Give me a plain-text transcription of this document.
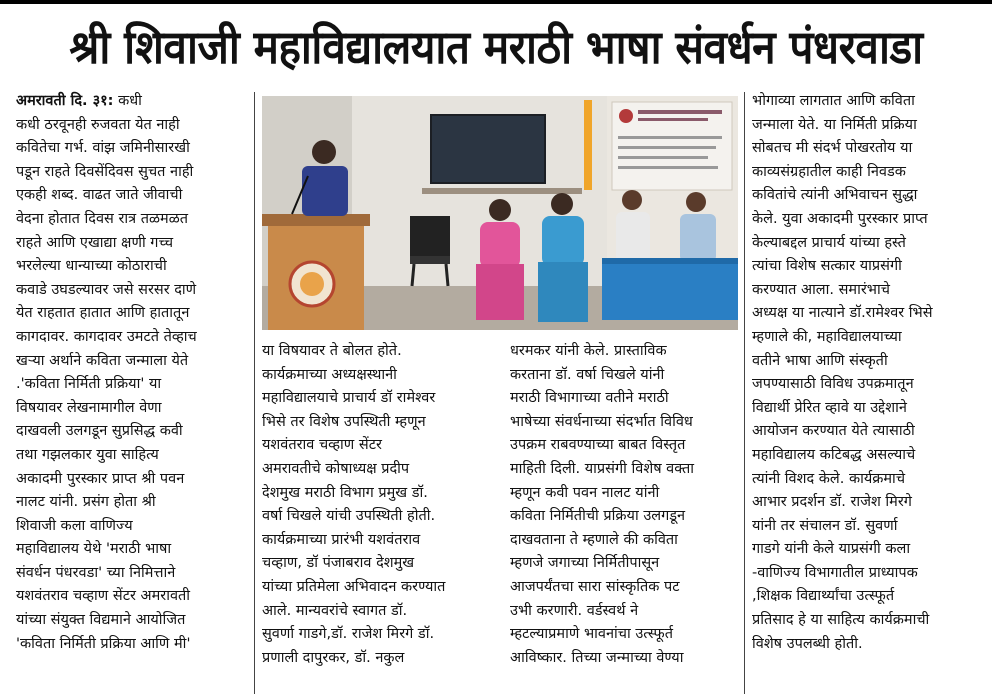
श्री शिवाजी महाविद्यालयात मराठी भाषा संवर्धन पंधरवाडा
अमरावती दि. ३१: कधी
कधी ठरवूनही रुजवता येत नाही
कवितेचा गर्भ. वांझ जमिनीसारखी
पडून राहते दिवसेंदिवस सुचत नाही
एकही शब्द. वाढत जाते जीवाची
वेदना होतात दिवस रात्र तळमळत
राहते आणि एखाद्या क्षणी गच्च
भरलेल्या धान्याच्या कोठाराची
कवाडे उघडल्यावर जसे सरसर दाणे
येत राहतात हातात आणि हातातून
कागदावर. कागदावर उमटते तेव्हाच
खऱ्या अर्थाने कविता जन्माला येते
.'कविता निर्मिती प्रक्रिया' या
विषयावर लेखनामागील वेणा
दाखवली उलगडून सुप्रसिद्ध कवी
तथा गझलकार युवा साहित्य
अकादमी पुरस्कार प्राप्त श्री पवन
नालट यांनी. प्रसंग होता श्री
शिवाजी कला वाणिज्य
महाविद्यालय येथे 'मराठी भाषा
संवर्धन पंधरवडा' च्या निमित्ताने
यशवंतराव चव्हाण सेंटर अमरावती
यांच्या संयुक्त विद्यमाने आयोजित
'कविता निर्मिती प्रक्रिया आणि मी'
या विषयावर ते बोलत होते.
कार्यक्रमाच्या अध्यक्षस्थानी
महाविद्यालयाचे प्राचार्य डॉ रामेश्वर
भिसे तर विशेष उपस्थिती म्हणून
यशवंतराव चव्हाण सेंटर
अमरावतीचे कोषाध्यक्ष प्रदीप
देशमुख मराठी विभाग प्रमुख डॉ.
वर्षा चिखले यांची उपस्थिती होती.
कार्यक्रमाच्या प्रारंभी यशवंतराव
चव्हाण, डॉ पंजाबराव देशमुख
यांच्या प्रतिमेला अभिवादन करण्यात
आले. मान्यवरांचे स्वागत डॉ.
सुवर्णा गाडगे,डॉ. राजेश मिरगे डॉ.
प्रणाली दापुरकर, डॉ. नकुल
धरमकर यांनी केले. प्रास्ताविक
करताना डॉ. वर्षा चिखले यांनी
मराठी विभागाच्या वतीने मराठी
भाषेच्या संवर्धनाच्या संदर्भात विविध
उपक्रम राबवण्याच्या बाबत विस्तृत
माहिती दिली. याप्रसंगी विशेष वक्ता
म्हणून कवी पवन नालट यांनी
कविता निर्मितीची प्रक्रिया उलगडून
दाखवताना ते म्हणाले की कविता
म्हणजे जगाच्या निर्मितीपासून
आजपर्यंतचा सारा सांस्कृतिक पट
उभी करणारी. वर्डस्वर्थ ने
म्हटल्याप्रमाणे भावनांचा उत्स्फूर्त
आविष्कार. तिच्या जन्माच्या वेण्या
भोगाव्या लागतात आणि कविता
जन्माला येते. या निर्मिती प्रक्रिया
सोबतच मी संदर्भ पोखरतोय या
काव्यसंग्रहातील काही निवडक
कवितांचे त्यांनी अभिवाचन सुद्धा
केले. युवा अकादमी पुरस्कार प्राप्त
केल्याबद्दल प्राचार्य यांच्या हस्ते
त्यांचा विशेष सत्कार याप्रसंगी
करण्यात आला. समारंभाचे
अध्यक्ष या नात्याने डॉ.रामेश्वर भिसे
म्हणाले की, महाविद्यालयाच्या
वतीने भाषा आणि संस्कृती
जपण्यासाठी विविध उपक्रमातून
विद्यार्थी प्रेरित व्हावे या उद्देशाने
आयोजन करण्यात येते त्यासाठी
महाविद्यालय कटिबद्ध असल्याचे
त्यांनी विशद केले. कार्यक्रमाचे
आभार प्रदर्शन डॉ. राजेश मिरगे
यांनी तर संचालन डॉ. सुवर्णा
गाडगे यांनी केले याप्रसंगी कला
-वाणिज्य विभागातील प्राध्यापक
,शिक्षक विद्यार्थ्यांचा उत्स्फूर्त
प्रतिसाद हे या साहित्य कार्यक्रमाची
विशेष उपलब्धी होती.
